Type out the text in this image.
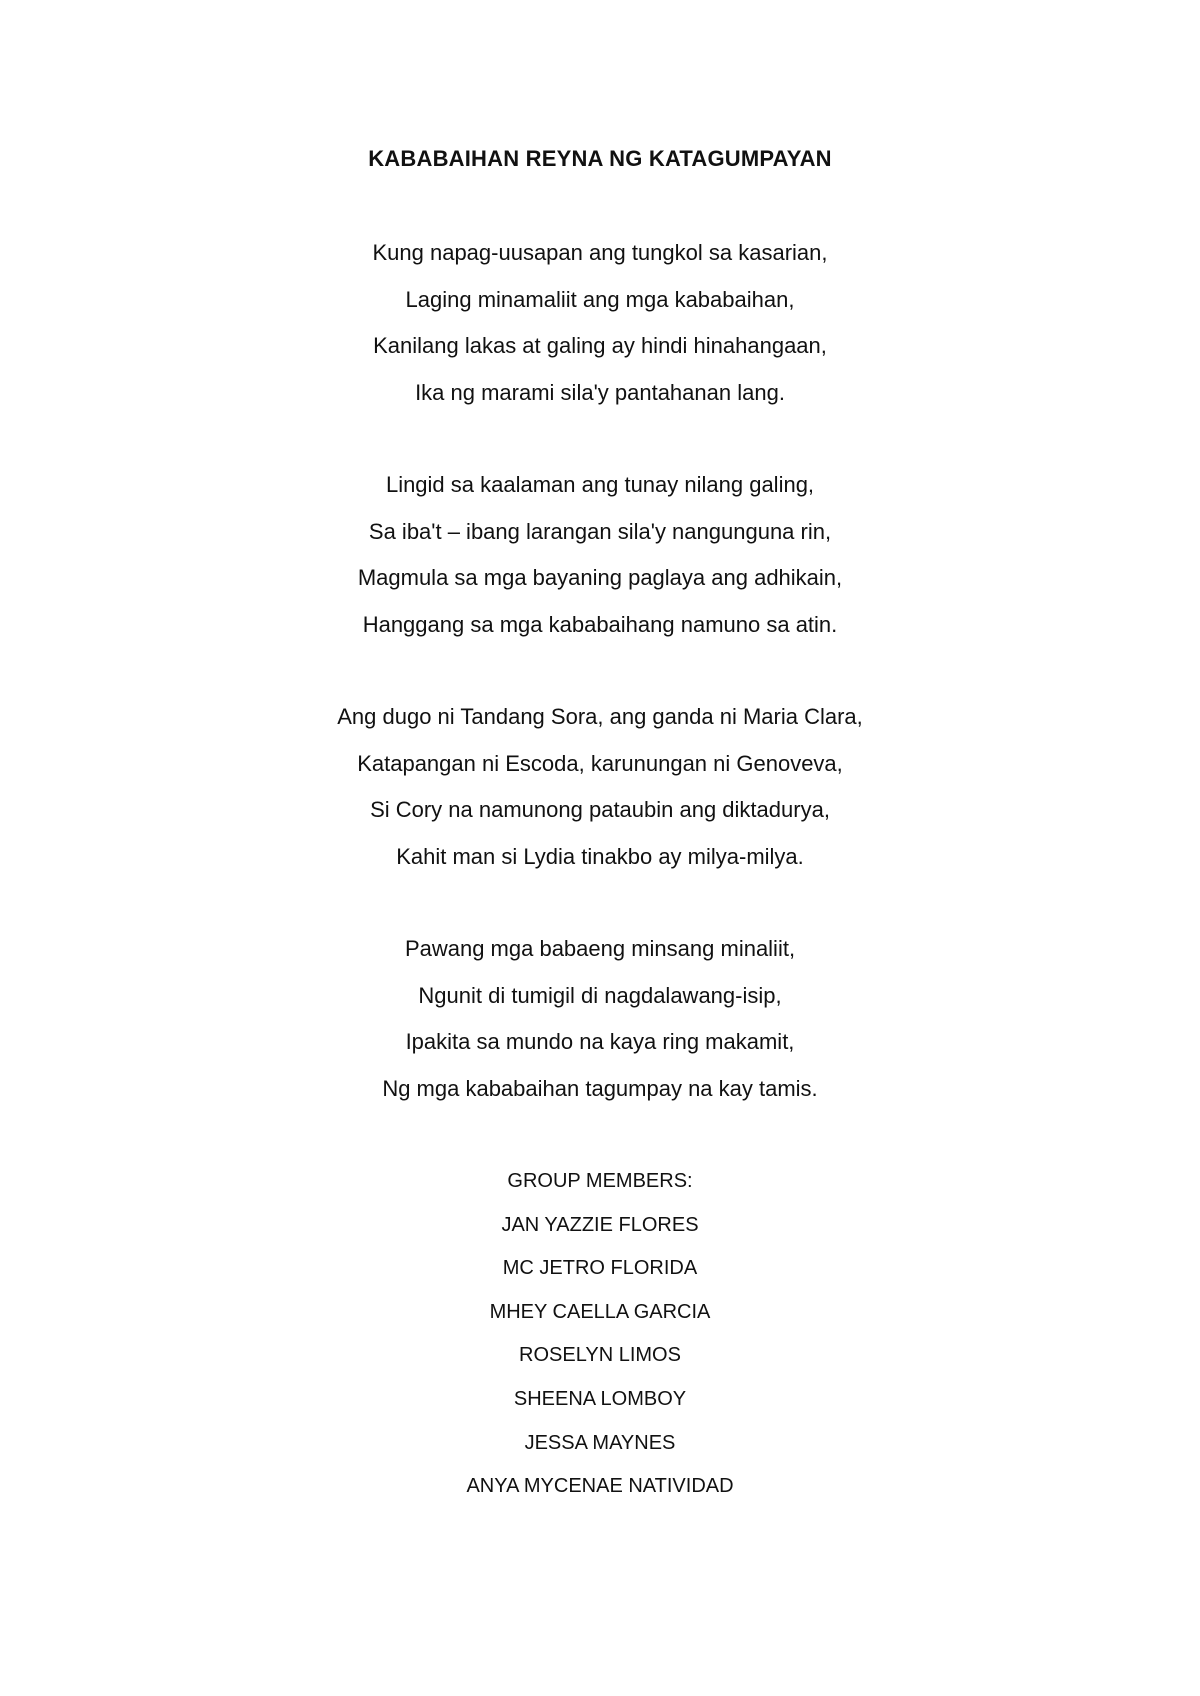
KABABAIHAN REYNA NG KATAGUMPAYAN
Kung napag-uusapan ang tungkol sa kasarian,
Laging minamaliit ang mga kababaihan,
Kanilang lakas at galing ay hindi hinahangaan,
Ika ng marami sila'y pantahanan lang.
Lingid sa kaalaman ang tunay nilang galing,
Sa iba't – ibang larangan sila'y nangunguna rin,
Magmula sa mga bayaning paglaya ang adhikain,
Hanggang sa mga kababaihang namuno sa atin.
Ang dugo ni Tandang Sora, ang ganda ni Maria Clara,
Katapangan ni Escoda, karunungan ni Genoveva,
Si Cory na namunong pataubin ang diktadurya,
Kahit man si Lydia tinakbo ay milya-milya.
Pawang mga babaeng minsang minaliit,
Ngunit di tumigil di nagdalawang-isip,
Ipakita sa mundo na kaya ring makamit,
Ng mga kababaihan tagumpay na kay tamis.
GROUP MEMBERS:
JAN YAZZIE FLORES
MC JETRO FLORIDA
MHEY CAELLA GARCIA
ROSELYN LIMOS
SHEENA LOMBOY
JESSA MAYNES
ANYA MYCENAE NATIVIDAD
